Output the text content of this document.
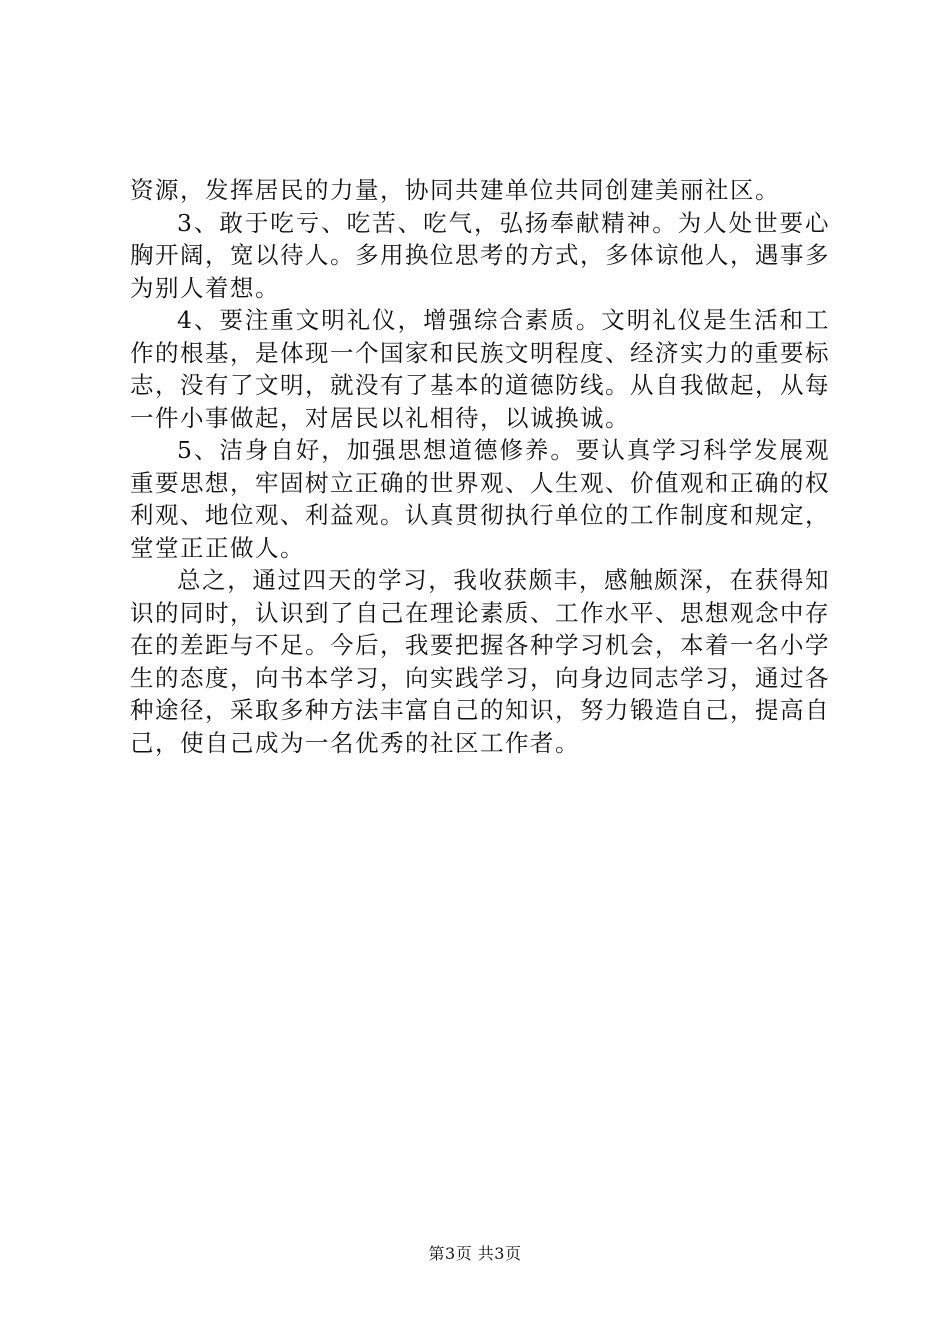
资源，发挥居民的力量，协同共建单位共同创建美丽社区。

3、敢于吃亏、吃苦、吃气，弘扬奉献精神。为人处世要心胸开阔，宽以待人。多用换位思考的方式，多体谅他人，遇事多为别人着想。

4、要注重文明礼仪，增强综合素质。文明礼仪是生活和工作的根基，是体现一个国家和民族文明程度、经济实力的重要标志，没有了文明，就没有了基本的道德防线。从自我做起，从每一件小事做起，对居民以礼相待，以诚换诚。

5、洁身自好，加强思想道德修养。要认真学习科学发展观重要思想，牢固树立正确的世界观、人生观、价值观和正确的权利观、地位观、利益观。认真贯彻执行单位的工作制度和规定，堂堂正正做人。

总之，通过四天的学习，我收获颇丰，感触颇深，在获得知识的同时，认识到了自己在理论素质、工作水平、思想观念中存在的差距与不足。今后，我要把握各种学习机会，本着一名小学生的态度，向书本学习，向实践学习，向身边同志学习，通过各种途径，采取多种方法丰富自己的知识，努力锻造自己，提高自己，使自己成为一名优秀的社区工作者。

第3页 共3页
